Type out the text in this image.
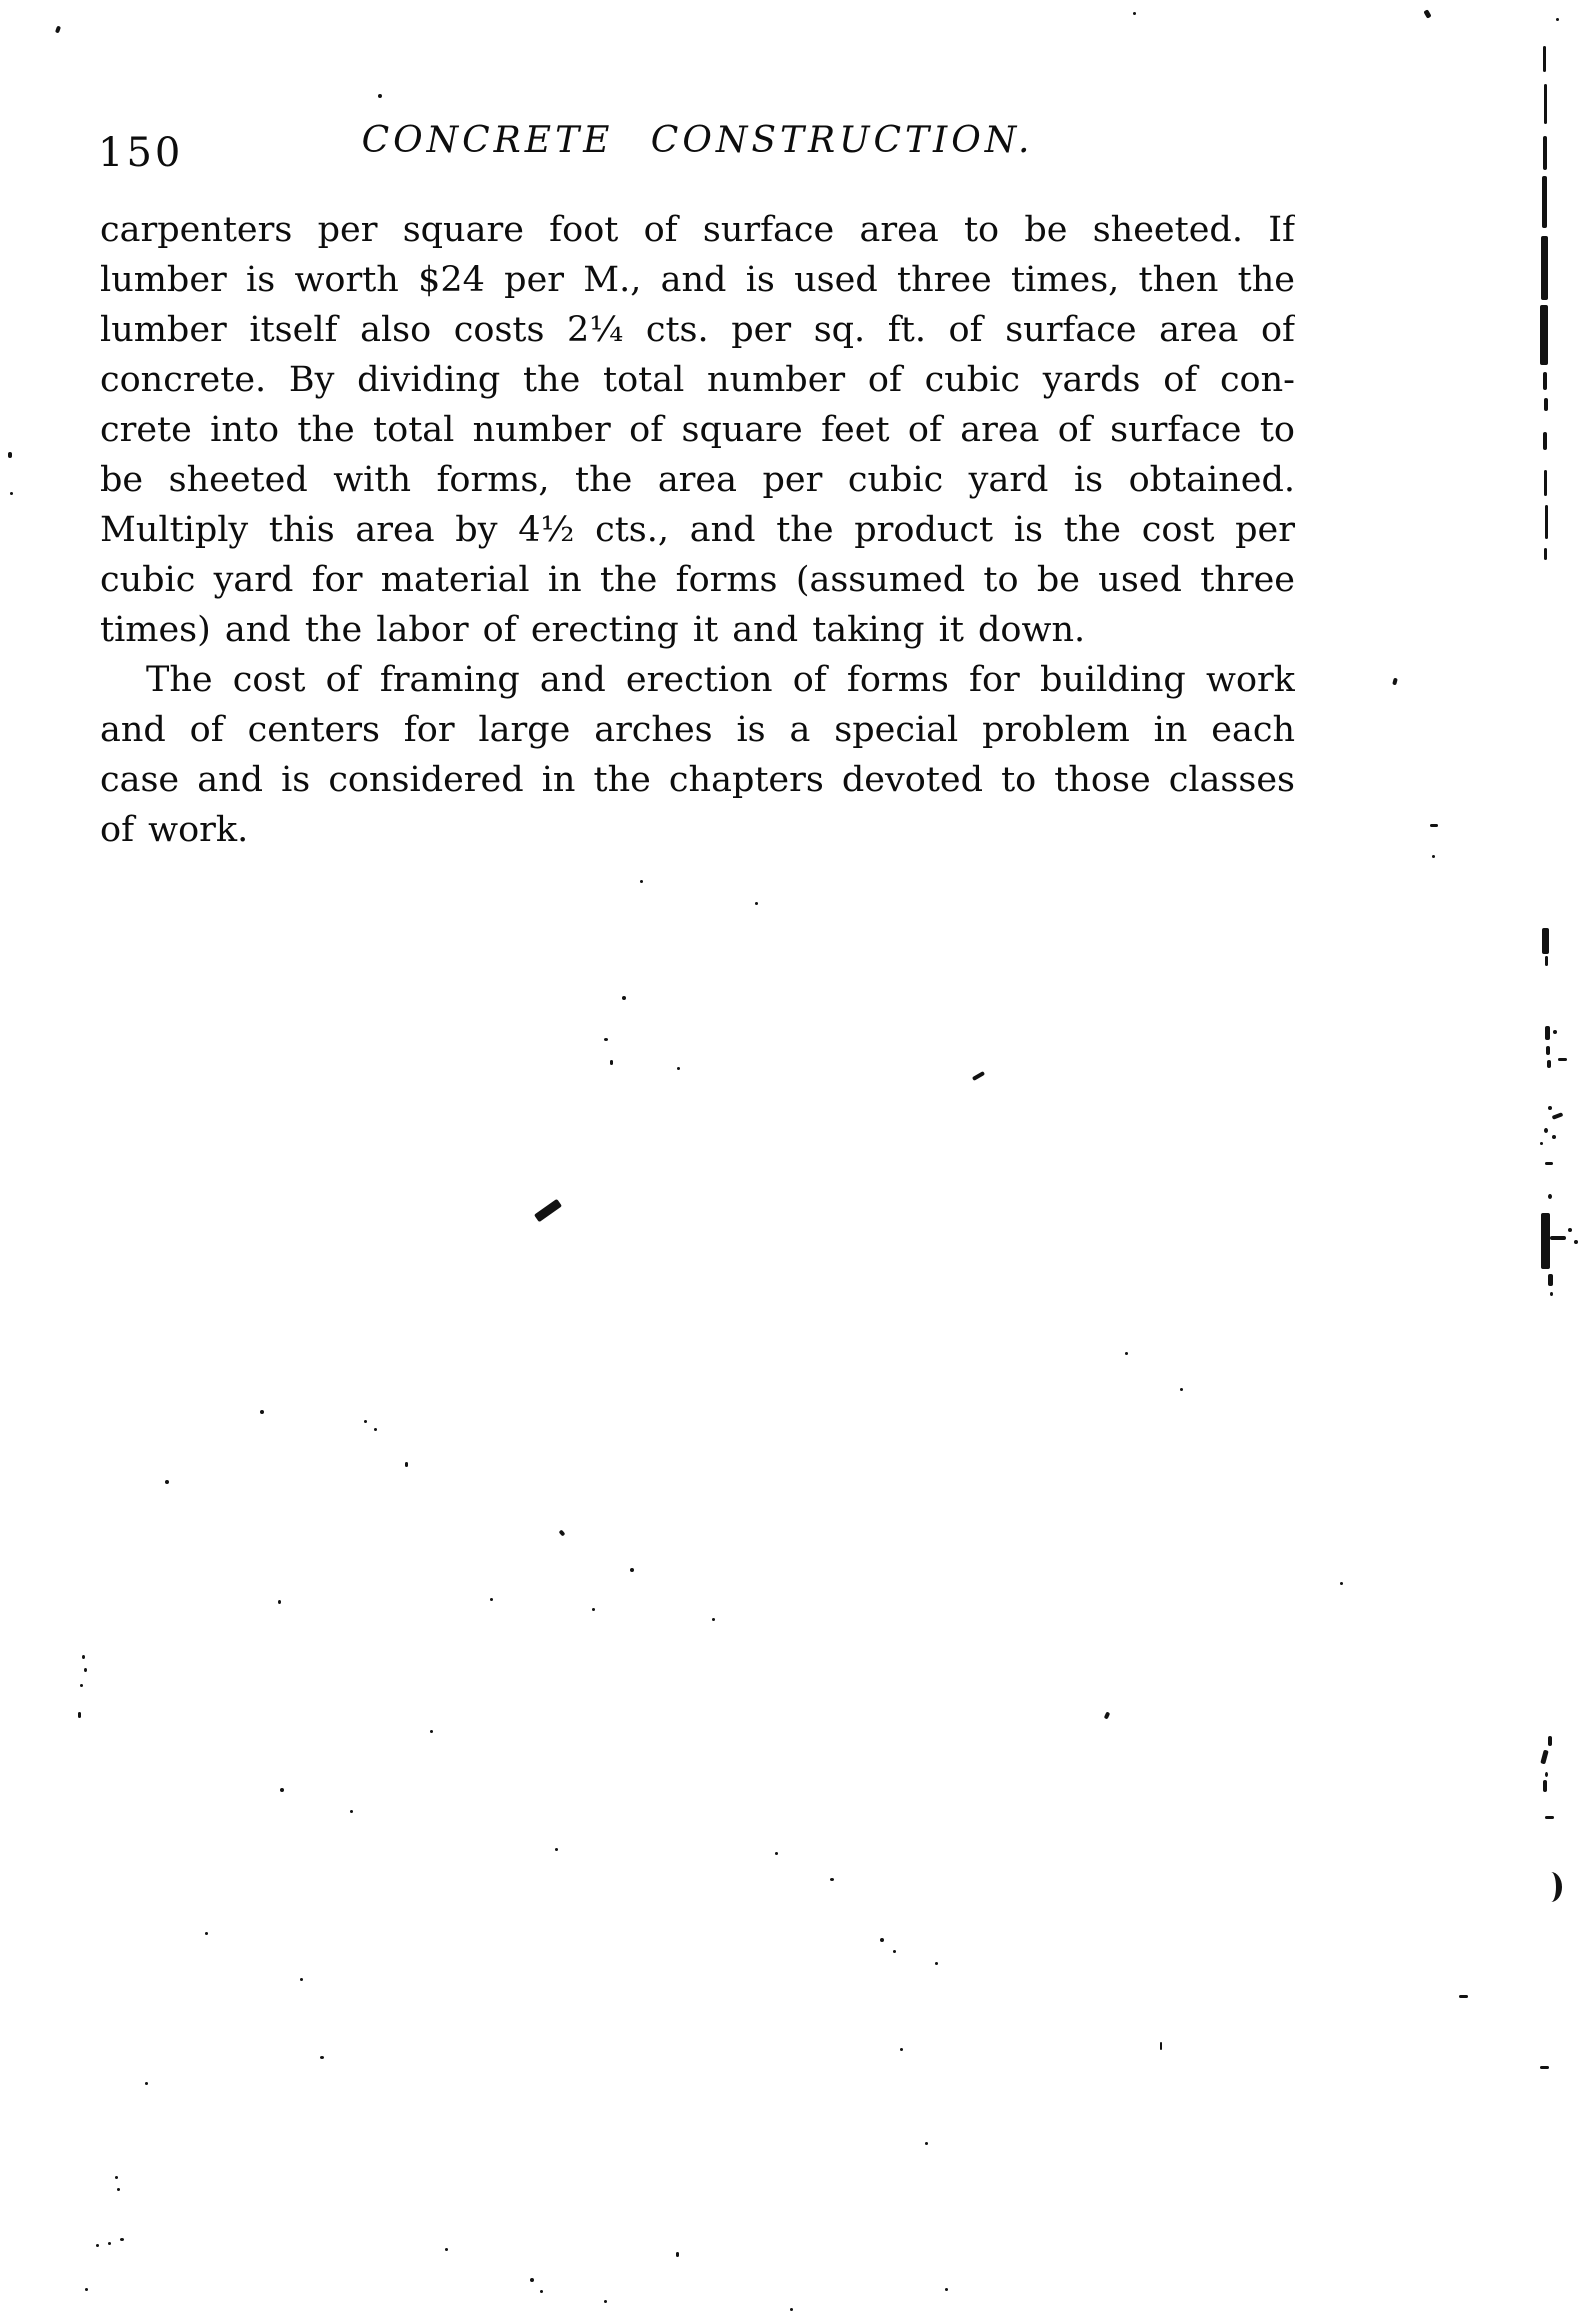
150	CONCRETE CONSTRUCTION.
carpenters per square foot of surface area to be sheeted. If
lumber is worth $24 per M., and is used three times, then the
lumber itself also costs 2¼ cts. per sq. ft. of surface area of
concrete. By dividing the total number of cubic yards of con-
crete into the total number of square feet of area of surface to
be sheeted with forms, the area per cubic yard is obtained.
Multiply this area by 4½ cts., and the product is the cost per
cubic yard for material in the forms (assumed to be used three
times) and the labor of erecting it and taking it down.
The cost of framing and erection of forms for building work
and of centers for large arches is a special problem in each
case and is considered in the chapters devoted to those classes
of work.
